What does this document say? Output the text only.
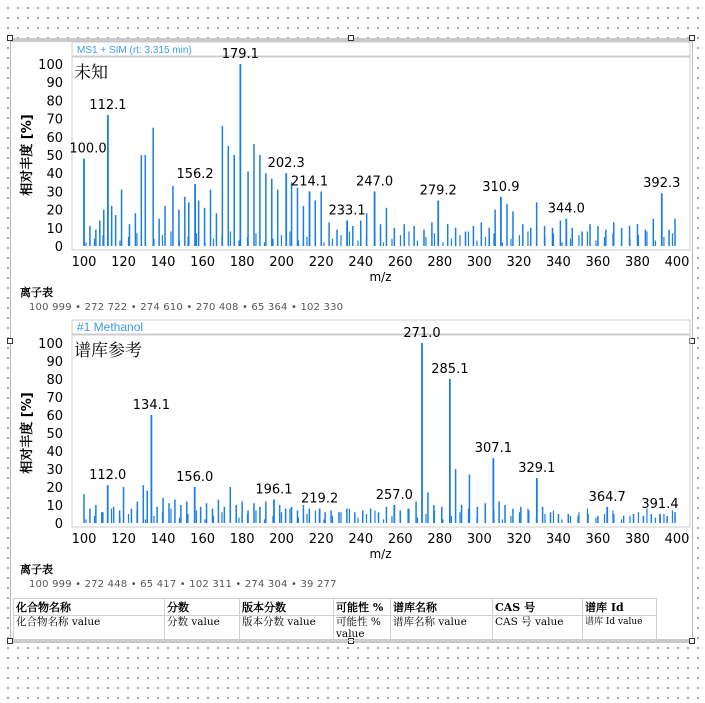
MS1 + SIM (rt: 3.315 min)
未知
0
10
20
30
40
50
60
70
80
90
100
100 120 140 160 180 200 220 240 260 280 300 320 340 360 380 400
m/z
相对丰度 [%]	100.0
112.1
156.2
179.1
202.3
214.1
233.1
247.0
279.2 310.9
344.0
392.3
离子表
100 999 • 272 722 • 274 610 • 270 408 • 65 364 • 102 330
#1 Methanol
谱库参考
0
10
20
30
40
50
60
70
80
90
100
100 120 140 160 180 200 220 240 260 280 300 320 340 360 380 400
m/z
相对丰度 [%]
112.0
134.1
156.0
196.1
219.2	257.0
271.0
285.1
307.1
329.1
364.7 391.4
离子表
100 999 • 272 448 • 65 417 • 102 311 • 274 304 • 39 277
化合物名称	分数	版本分数	可能性 %	谱库名称	CAS 号	谱库 Id
化合物名称 value	分数 value	版本分数 value	可能性 % value	谱库名称 value	CAS 号 value	谱库 Id value
